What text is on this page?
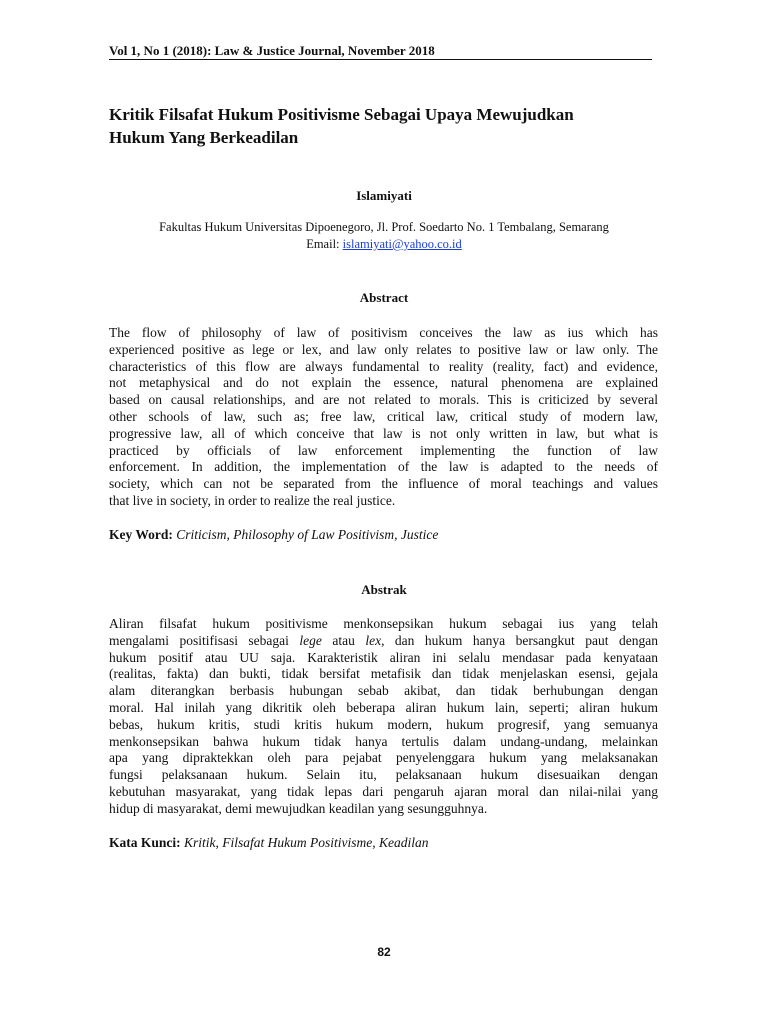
Vol 1, No 1 (2018): Law & Justice Journal, November 2018
Kritik Filsafat Hukum Positivisme Sebagai Upaya Mewujudkan
Hukum Yang Berkeadilan
Islamiyati
Fakultas Hukum Universitas Dipoenegoro, Jl. Prof. Soedarto No. 1 Tembalang, Semarang
Email: islamiyati@yahoo.co.id
Abstract
The flow of philosophy of law of positivism conceives the law as ius which has
experienced positive as lege or lex, and law only relates to positive law or law only. The
characteristics of this flow are always fundamental to reality (reality, fact) and evidence,
not metaphysical and do not explain the essence, natural phenomena are explained
based on causal relationships, and are not related to morals. This is criticized by several
other schools of law, such as; free law, critical law, critical study of modern law,
progressive law, all of which conceive that law is not only written in law, but what is
practiced by officials of law enforcement implementing the function of law
enforcement. In addition, the implementation of the law is adapted to the needs of
society, which can not be separated from the influence of moral teachings and values
that live in society, in order to realize the real justice.
Key Word: Criticism, Philosophy of Law Positivism, Justice
Abstrak
Aliran filsafat hukum positivisme menkonsepsikan hukum sebagai ius yang telah
mengalami positifisasi sebagai lege atau lex, dan hukum hanya bersangkut paut dengan
hukum positif atau UU saja. Karakteristik aliran ini selalu mendasar pada kenyataan
(realitas, fakta) dan bukti, tidak bersifat metafisik dan tidak menjelaskan esensi, gejala
alam diterangkan berbasis hubungan sebab akibat, dan tidak berhubungan dengan
moral. Hal inilah yang dikritik oleh beberapa aliran hukum lain, seperti; aliran hukum
bebas, hukum kritis, studi kritis hukum modern, hukum progresif, yang semuanya
menkonsepsikan bahwa hukum tidak hanya tertulis dalam undang-undang, melainkan
apa yang dipraktekkan oleh para pejabat penyelenggara hukum yang melaksanakan
fungsi pelaksanaan hukum. Selain itu, pelaksanaan hukum disesuaikan dengan
kebutuhan masyarakat, yang tidak lepas dari pengaruh ajaran moral dan nilai-nilai yang
hidup di masyarakat, demi mewujudkan keadilan yang sesungguhnya.
Kata Kunci: Kritik, Filsafat Hukum Positivisme, Keadilan
82
